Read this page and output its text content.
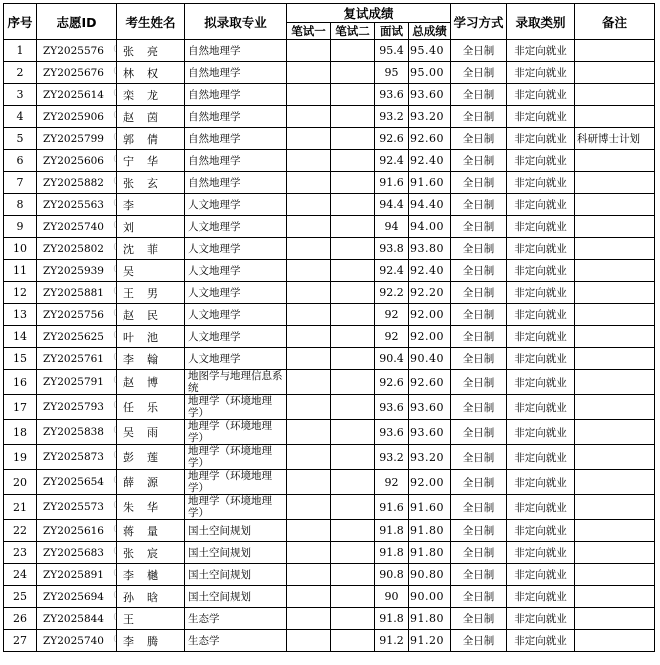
序号	志愿ID	考生姓名	拟录取专业	复试成绩				学习方式	录取类别	备注
				笔试一	笔试二	面试	总成绩			
1	ZY2025576 0	张　亮	自然地理学			95.4	95.40	全日制	非定向就业	
2	ZY2025676 0	林　权	自然地理学			95	95.00	全日制	非定向就业	
3	ZY2025614 0	栾　龙	自然地理学			93.6	93.60	全日制	非定向就业	
4	ZY2025906 0	赵　茵	自然地理学			93.2	93.20	全日制	非定向就业	
5	ZY2025799 0	郭　倩	自然地理学			92.6	92.60	全日制	非定向就业	科研博士计划
6	ZY2025606 0	宁　华	自然地理学			92.4	92.40	全日制	非定向就业	
7	ZY2025882 0	张　玄	自然地理学			91.6	91.60	全日制	非定向就业	
8	ZY2025563 0	李	人文地理学			94.4	94.40	全日制	非定向就业	
9	ZY2025740 0	刘	人文地理学			94	94.00	全日制	非定向就业	
10	ZY2025802 0	沈　菲	人文地理学			93.8	93.80	全日制	非定向就业	
11	ZY2025939 0	吴	人文地理学			92.4	92.40	全日制	非定向就业	
12	ZY2025881 0	王　男	人文地理学			92.2	92.20	全日制	非定向就业	
13	ZY2025756 0	赵　民	人文地理学			92	92.00	全日制	非定向就业	
14	ZY2025625 0	叶　池	人文地理学			92	92.00	全日制	非定向就业	
15	ZY2025761 0	李　翰	人文地理学			90.4	90.40	全日制	非定向就业	
16	ZY2025791 0	赵　博	地图学与地理信息系统			92.6	92.60	全日制	非定向就业	
17	ZY2025793 0	任　乐	地理学（环境地理学）			93.6	93.60	全日制	非定向就业	
18	ZY2025838 0	吴　雨	地理学（环境地理学）			93.6	93.60	全日制	非定向就业	
19	ZY2025873 0	彭　莲	地理学（环境地理学）			93.2	93.20	全日制	非定向就业	
20	ZY2025654 0	薛　源	地理学（环境地理学）			92	92.00	全日制	非定向就业	
21	ZY2025573 0	朱　华	地理学（环境地理学）			91.6	91.60	全日制	非定向就业	
22	ZY2025616 0	蒋　量	国土空间规划			91.8	91.80	全日制	非定向就业	
23	ZY2025683 0	张　宸	国土空间规划			91.8	91.80	全日制	非定向就业	
24	ZY2025891 0	李　樾	国土空间规划			90.8	90.80	全日制	非定向就业	
25	ZY2025694 0	孙　晗	国土空间规划			90	90.00	全日制	非定向就业	
26	ZY2025844 0	王	生态学			91.8	91.80	全日制	非定向就业	
27	ZY2025740 0	李　腾	生态学			91.2	91.20	全日制	非定向就业	
